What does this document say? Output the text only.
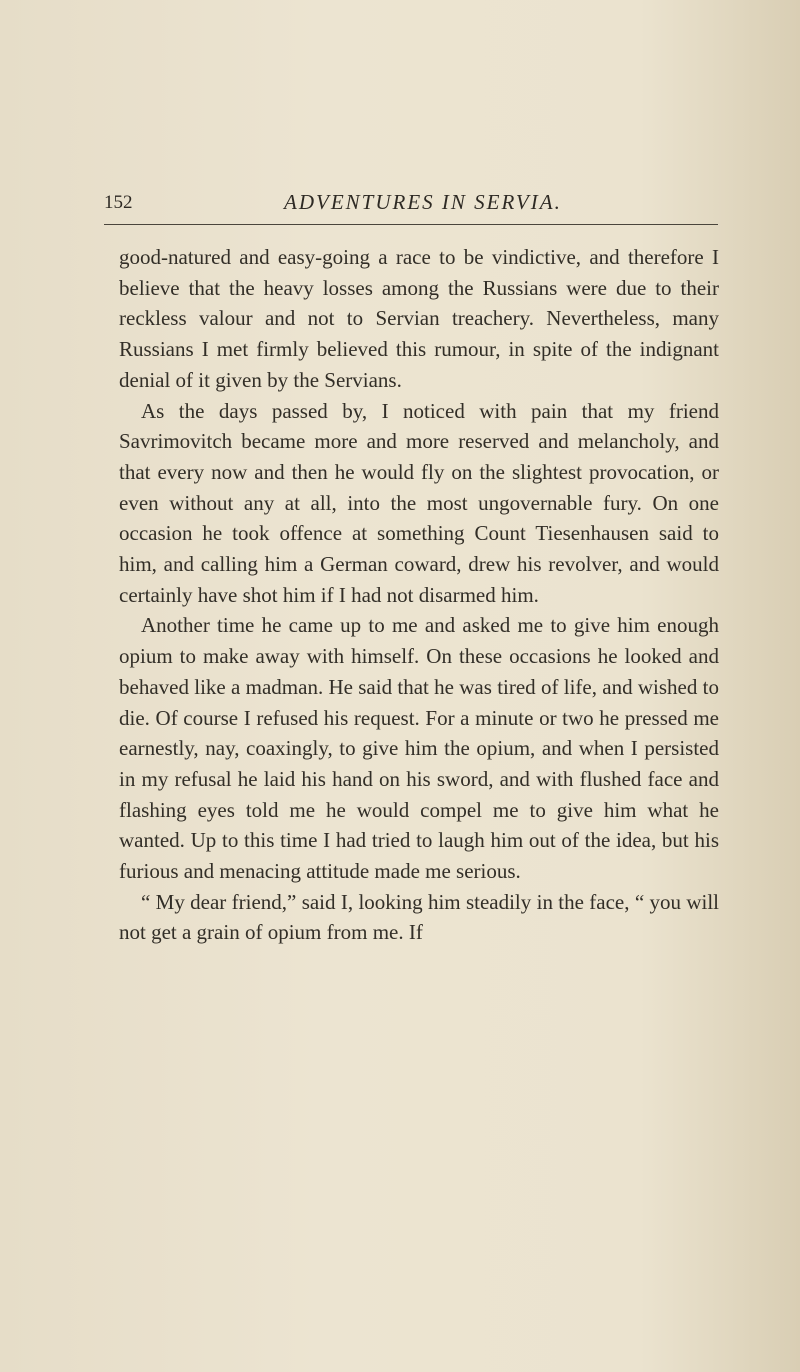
152	ADVENTURES IN SERVIA.

good-natured and easy-going a race to be vindictive, and therefore I believe that the heavy losses among the Russians were due to their reckless valour and not to Servian treachery. Nevertheless, many Russians I met firmly believed this rumour, in spite of the indignant denial of it given by the Servians.

As the days passed by, I noticed with pain that my friend Savrimovitch became more and more reserved and melancholy, and that every now and then he would fly on the slightest provocation, or even without any at all, into the most ungovernable fury. On one occasion he took offence at something Count Tiesenhausen said to him, and calling him a German coward, drew his revolver, and would certainly have shot him if I had not disarmed him.

Another time he came up to me and asked me to give him enough opium to make away with himself. On these occasions he looked and behaved like a madman. He said that he was tired of life, and wished to die. Of course I refused his request. For a minute or two he pressed me earnestly, nay, coaxingly, to give him the opium, and when I persisted in my refusal he laid his hand on his sword, and with flushed face and flashing eyes told me he would compel me to give him what he wanted. Up to this time I had tried to laugh him out of the idea, but his furious and menacing attitude made me serious.

“ My dear friend,” said I, looking him steadily in the face, “ you will not get a grain of opium from me. If
